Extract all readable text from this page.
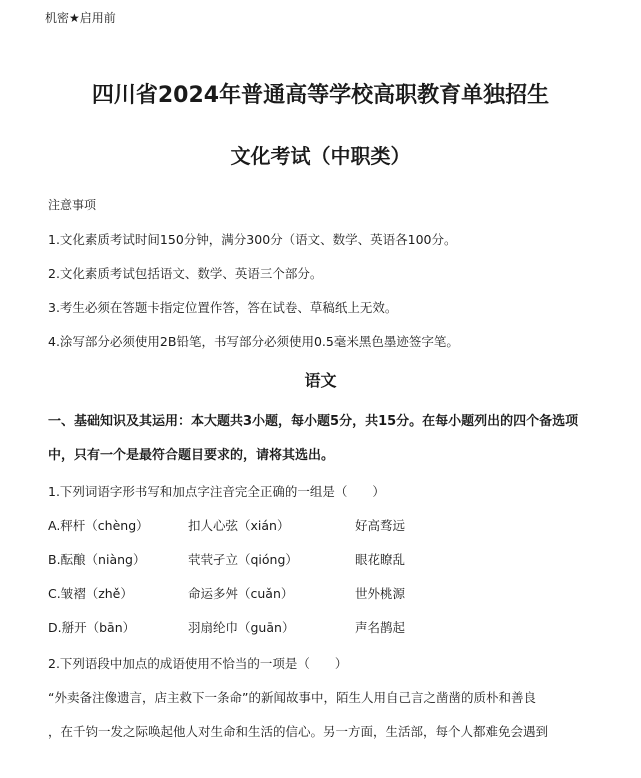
机密★启用前
四川省2024年普通高等学校高职教育单独招生
文化考试（中职类）
注意事项
1.文化素质考试时间150分钟，满分300分（语文、数学、英语各100分。
2.文化素质考试包括语文、数学、英语三个部分。
3.考生必须在答题卡指定位置作答，答在试卷、草稿纸上无效。
4.涂写部分必须使用2B铅笔，书写部分必须使用0.5毫米黑色墨迹签字笔。
语文
一、基础知识及其运用：本大题共3小题，每小题5分，共15分。在每小题列出的四个备选项
中，只有一个是最符合题目要求的，请将其选出。
1.下列词语字形书写和加点字注音完全正确的一组是（　　）
A.秤杆（chèng）	扣人心弦（xián）	好高骛远
B.酝酿（niàng）	茕茕孑立（qióng）	眼花瞭乱
C.皱褶（zhě）	命运多舛（cuǎn）	世外桃源
D.掰开（bān）	羽扇纶巾（guān）	声名鹊起
2.下列语段中加点的成语使用不恰当的一项是（　　）
“外卖备注像遗言，店主救下一条命”的新闻故事中，陌生人用自己言之凿凿的质朴和善良
，在千钧一发之际唤起他人对生命和生活的信心。另一方面，生活部，每个人都难免会遇到
